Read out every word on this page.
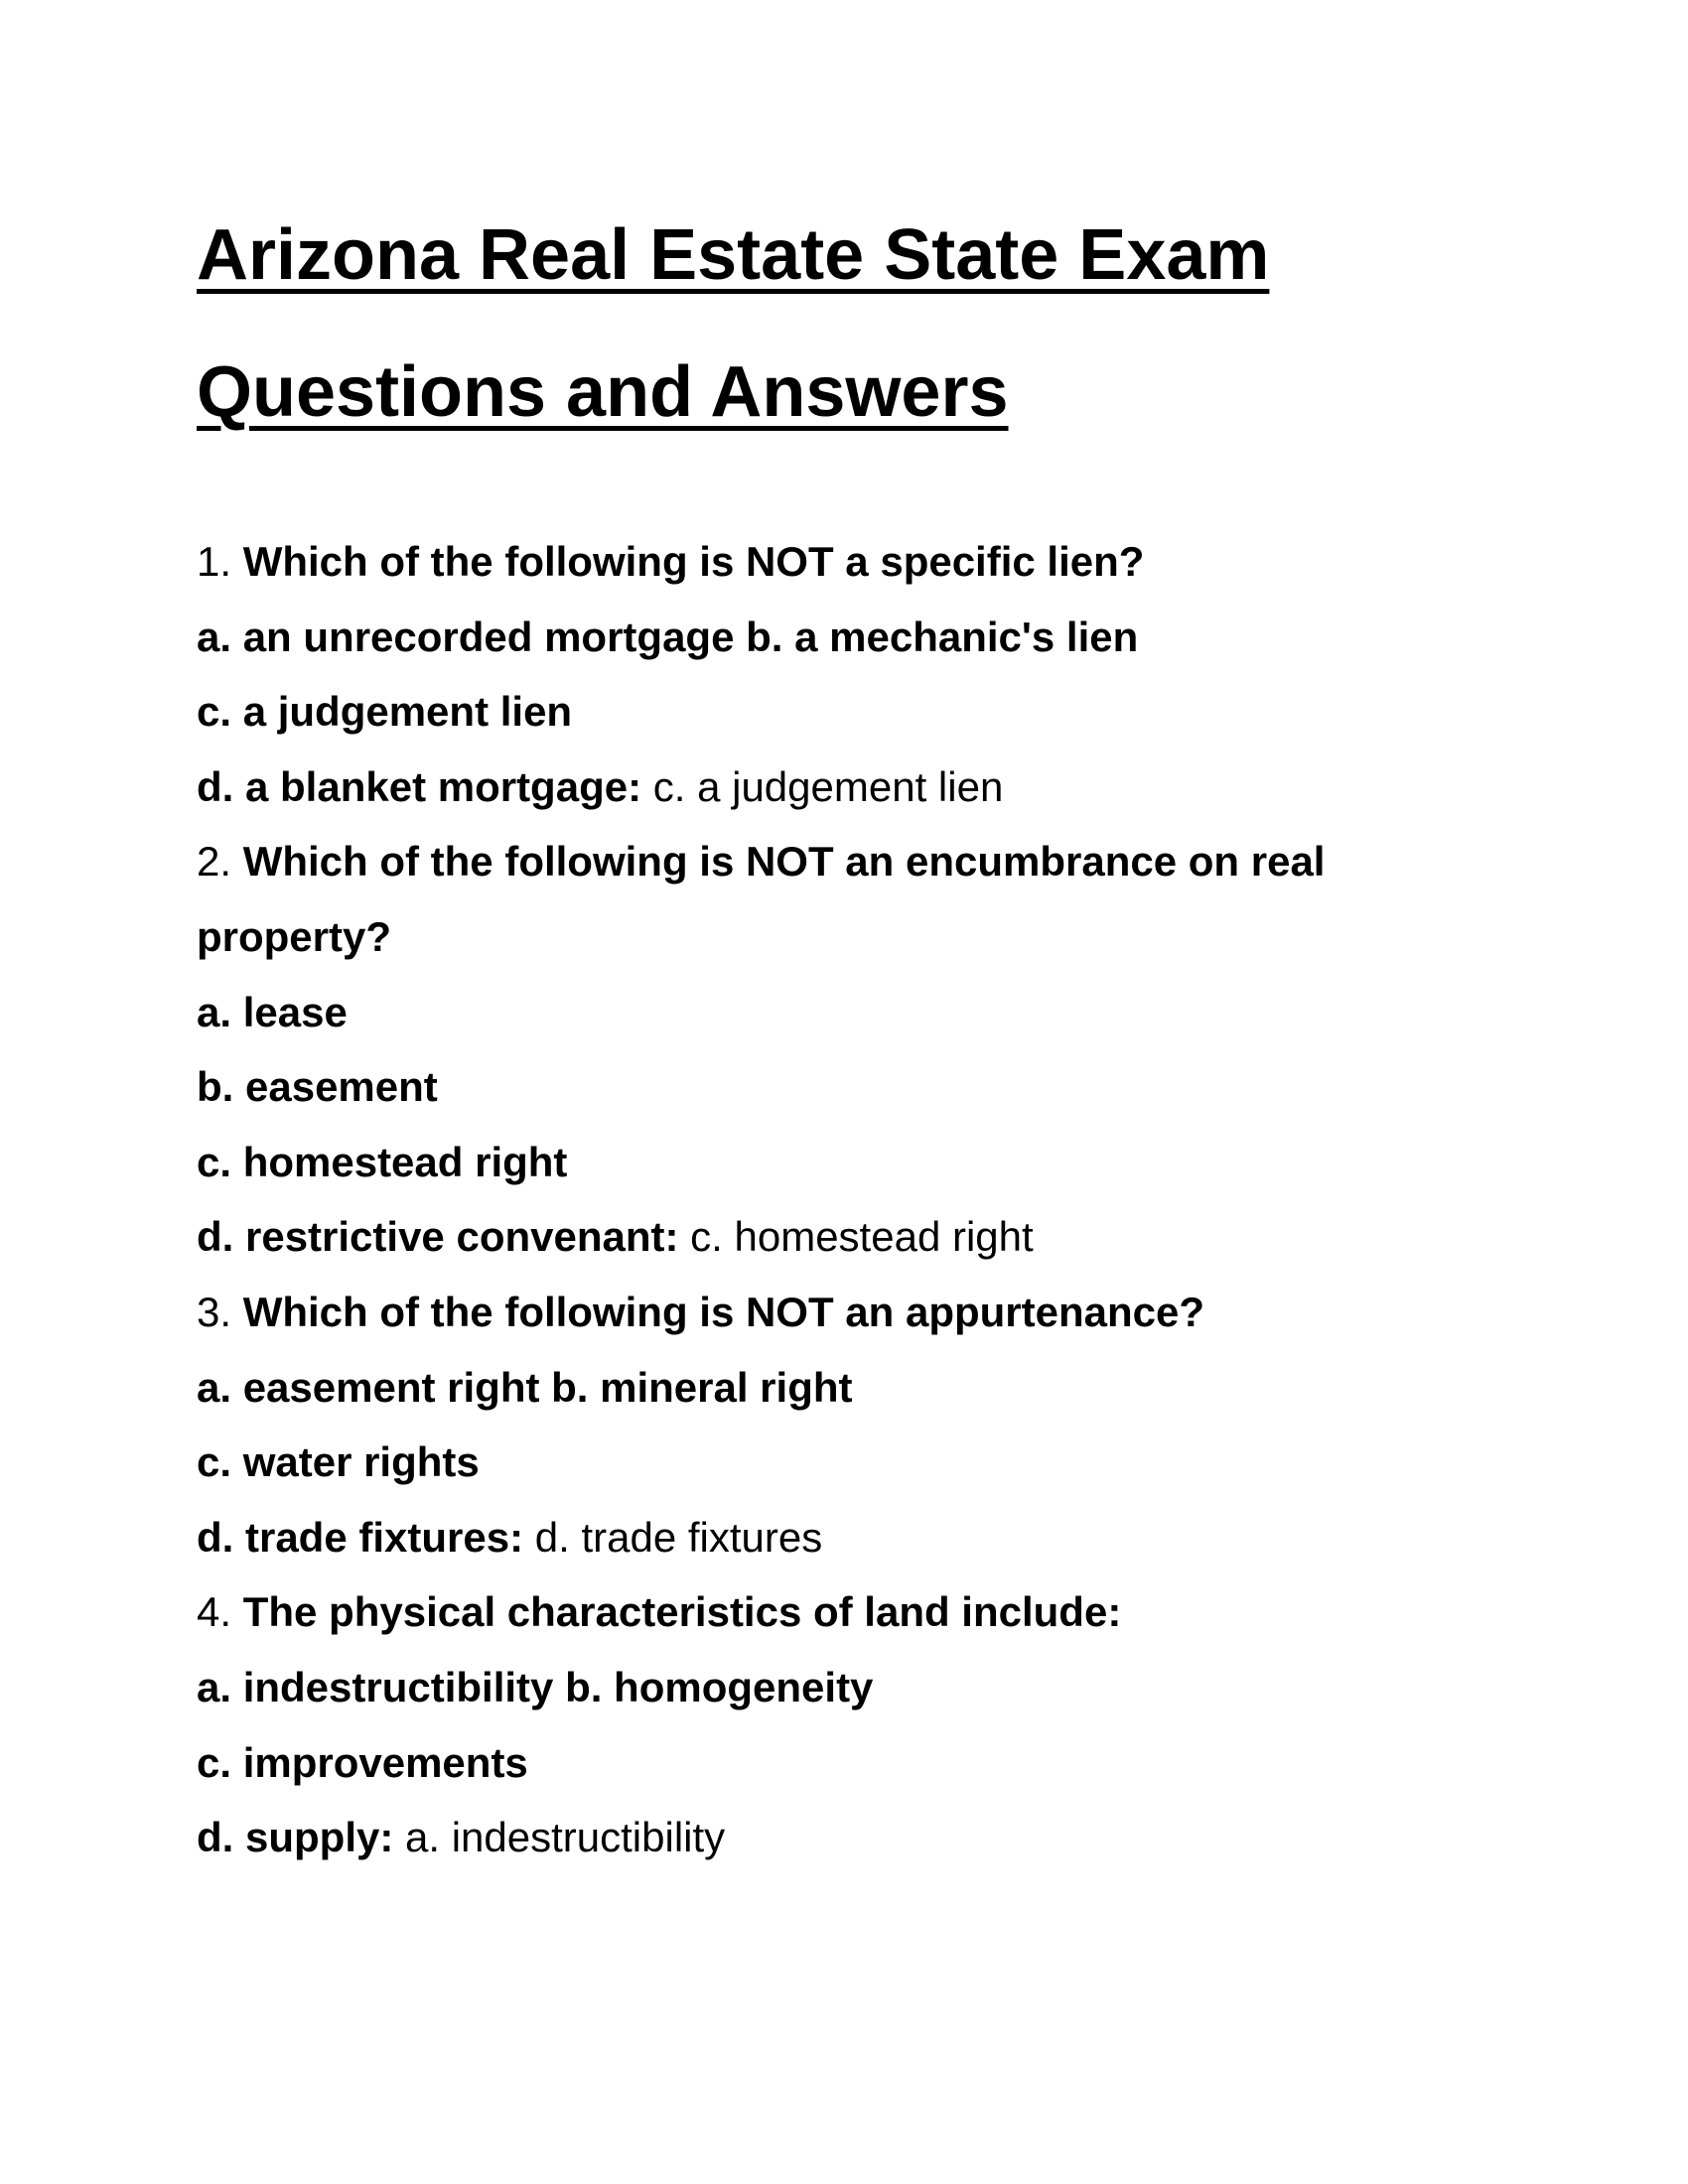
Arizona Real Estate State Exam
Questions and Answers
1. Which of the following is NOT a specific lien?
a. an unrecorded mortgage b. a mechanic's lien
c. a judgement lien
d. a blanket mortgage: c. a judgement lien
2. Which of the following is NOT an encumbrance on real
property?
a. lease
b. easement
c. homestead right
d. restrictive convenant: c. homestead right
3. Which of the following is NOT an appurtenance?
a. easement right b. mineral right
c. water rights
d. trade fixtures: d. trade fixtures
4. The physical characteristics of land include:
a. indestructibility b. homogeneity
c. improvements
d. supply: a. indestructibility
